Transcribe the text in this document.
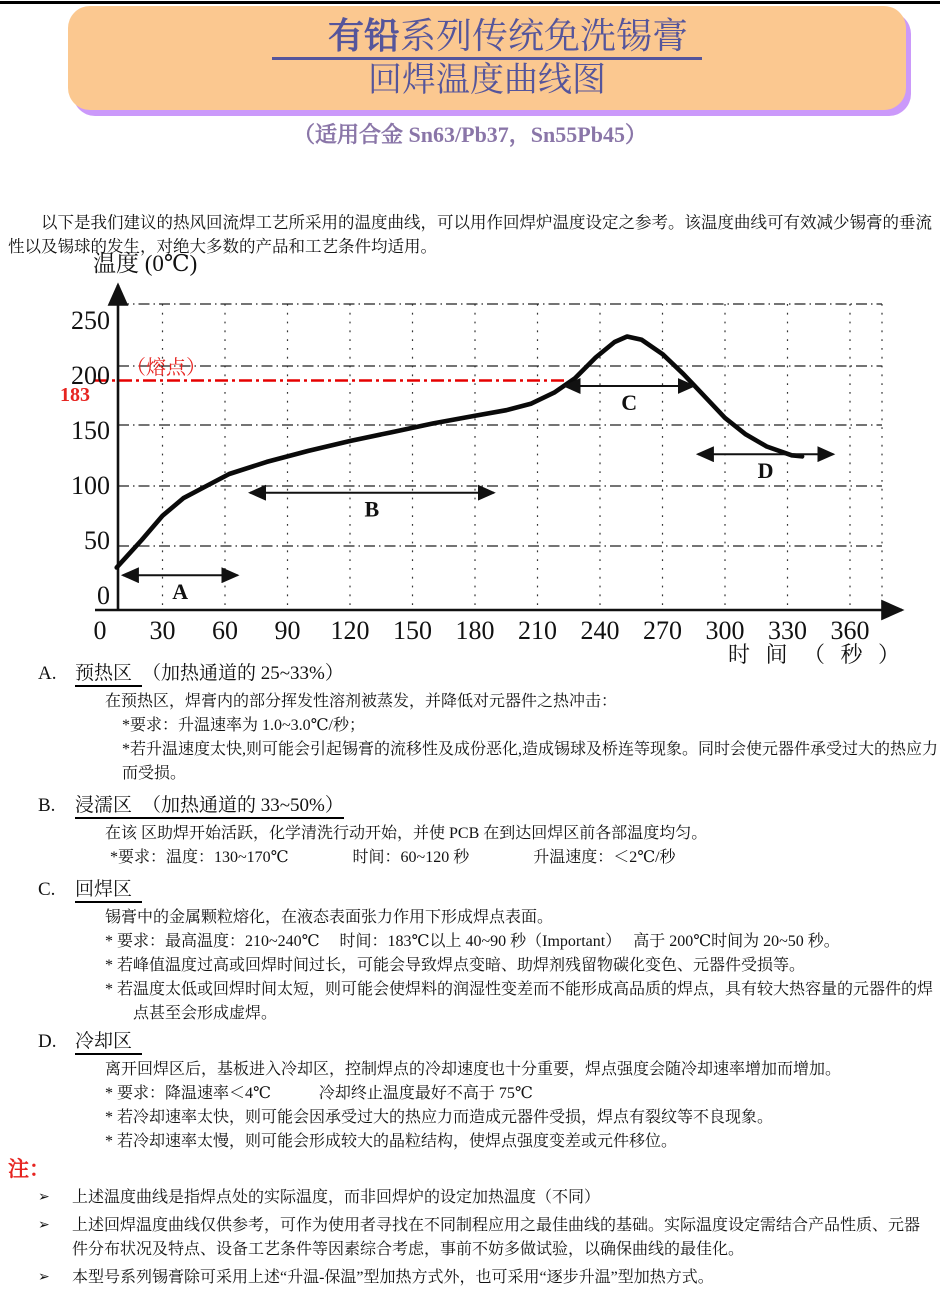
有铅系列传统免洗锡膏
回焊温度曲线图
（适用合金 Sn63/Pb37，Sn55Pb45）

以下是我们建议的热风回流焊工艺所采用的温度曲线，可以用作回焊炉温度设定之参考。该温度曲线可有效减少锡膏的垂流性以及锡球的发生，对绝大多数的产品和工艺条件均适用。

温度 (0℃)
A
B
C
D
250
200
150
100
50
0
（熔点）
183
0 30 60 90 120 150 180 210 240 270 300 330 360
时 间 （ 秒 ）
A. 预热区 （加热通道的 25~33%）

在预热区，焊膏内的部分挥发性溶剂被蒸发，并降低对元器件之热冲击：

*要求：升温速率为 1.0~3.0℃/秒；

*若升温速度太快,则可能会引起锡膏的流移性及成份恶化,造成锡球及桥连等现象。同时会使元器件承受过大的热应力而受损。

B. 浸濡区 （加热通道的 33~50%）

在该 区助焊开始活跃，化学清洗行动开始，并使 PCB 在到达回焊区前各部温度均匀。

*要求：温度：130~170℃　　　　时间：60~120 秒　　　　升温速度：＜2℃/秒

C. 回焊区

锡膏中的金属颗粒熔化，在液态表面张力作用下形成焊点表面。

* 要求：最高温度：210~240℃　 时间：183℃以上 40~90 秒（Important）　 高于 200℃时间为 20~50 秒。

* 若峰值温度过高或回焊时间过长，可能会导致焊点变暗、助焊剂残留物碳化变色、元器件受损等。

* 若温度太低或回焊时间太短，则可能会使焊料的润湿性变差而不能形成高品质的焊点，具有较大热容量的元器件的焊点甚至会形成虚焊。

D. 冷却区

离开回焊区后，基板进入冷却区，控制焊点的冷却速度也十分重要，焊点强度会随冷却速率增加而增加。

* 要求：降温速率＜4℃　　　冷却终止温度最好不高于 75℃

* 若冷却速率太快，则可能会因承受过大的热应力而造成元器件受损，焊点有裂纹等不良现象。

* 若冷却速率太慢，则可能会形成较大的晶粒结构，使焊点强度变差或元件移位。

注：
➢	上述温度曲线是指焊点处的实际温度，而非回焊炉的设定加热温度（不同）
➢	上述回焊温度曲线仅供参考，可作为使用者寻找在不同制程应用之最佳曲线的基础。实际温度设定需结合产品性质、元器件分布状况及特点、设备工艺条件等因素综合考虑，事前不妨多做试验，以确保曲线的最佳化。
➢	本型号系列锡膏除可采用上述“升温-保温”型加热方式外，也可采用“逐步升温”型加热方式。
